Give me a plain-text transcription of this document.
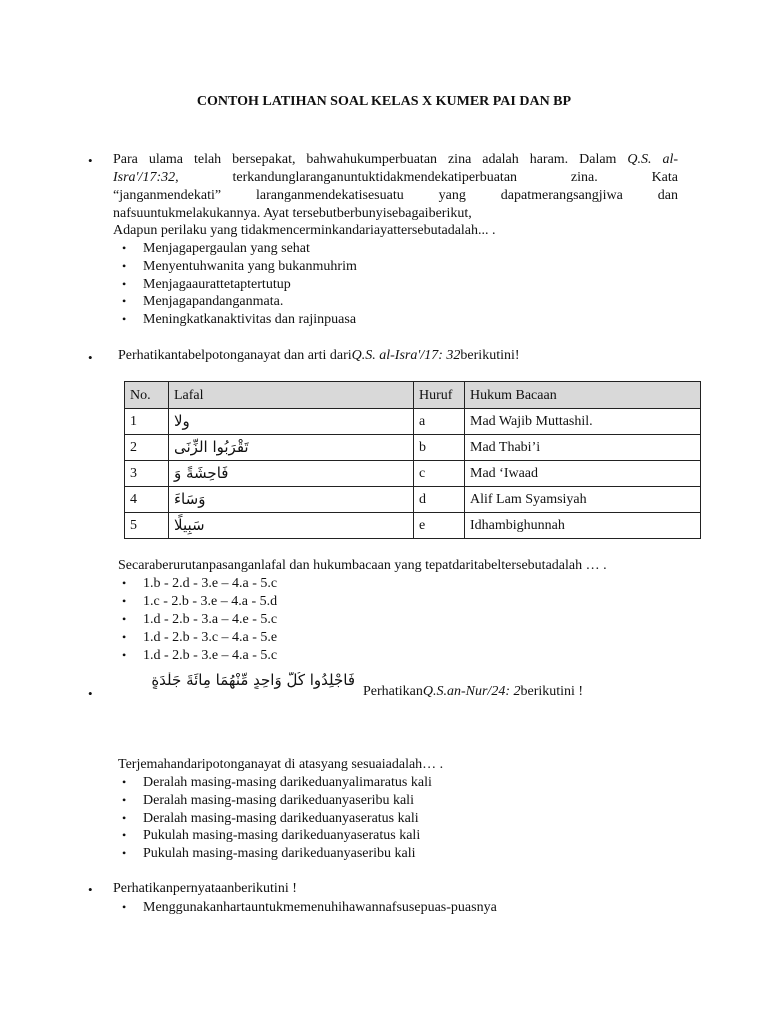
CONTOH LATIHAN SOAL KELAS X KUMER PAI DAN BP
• Para ulama telah bersepakat, bahwahukumperbuatan zina adalah haram. Dalam Q.S. al-
Isra'/17:32, terkandunglaranganuntuktidakmendekatiperbuatan zina. Kata
“janganmendekati” laranganmendekatisesuatu yang dapatmerangsangjiwa dan
nafsuuntukmelakukannya. Ayat tersebutberbunyisebagaiberikut,
Adapun perilaku yang tidakmencerminkandariayattersebutadalah... .
• Menjagapergaulan yang sehat
• Menyentuhwanita yang bukanmuhrim
• Menjagaaurattetaptertutup
• Menjagapandanganmata.
• Meningkatkanaktivitas dan rajinpuasa
• Perhatikantabelpotonganayat dan arti dariQ.S. al-Isra'/17: 32berikutini!
No.	Lafal	Huruf	Hukum Bacaan
1	ولا	a	Mad Wajib Muttashil.
2	تَقْرَبُوا الزِّنَى	b	Mad Thabi’i
3	فَاحِشَةً وَ	c	Mad ‘Iwaad
4	وَسَاءَ	d	Alif Lam Syamsiyah
5	سَبِيلًا	e	Idhambighunnah
Secaraberurutanpasanganlafal dan hukumbacaan yang tepatdaritabeltersebutadalah … .
• 1.b - 2.d - 3.e – 4.a - 5.c
• 1.c - 2.b - 3.e – 4.a - 5.d
• 1.d - 2.b - 3.a – 4.e - 5.c
• 1.d - 2.b - 3.c – 4.a - 5.e
• 1.d - 2.b - 3.e – 4.a - 5.c
•
فَاجْلِدُوا كُلَّ وَاحِدٍ مِّنْهُمَا مِائَةَ جَلْدَةٍ
PerhatikanQ.S.an-Nur/24: 2berikutini !
Terjemahandaripotonganayat di atasyang sesuaiadalah… .
• Deralah masing-masing darikeduanyalimaratus kali
• Deralah masing-masing darikeduanyaseribu kali
• Deralah masing-masing darikeduanyaseratus kali
• Pukulah masing-masing darikeduanyaseratus kali
• Pukulah masing-masing darikeduanyaseribu kali
• Perhatikanpernyataanberikutini !
• Menggunakanhartauntukmemenuhihawannafsusepuas-puasnya
